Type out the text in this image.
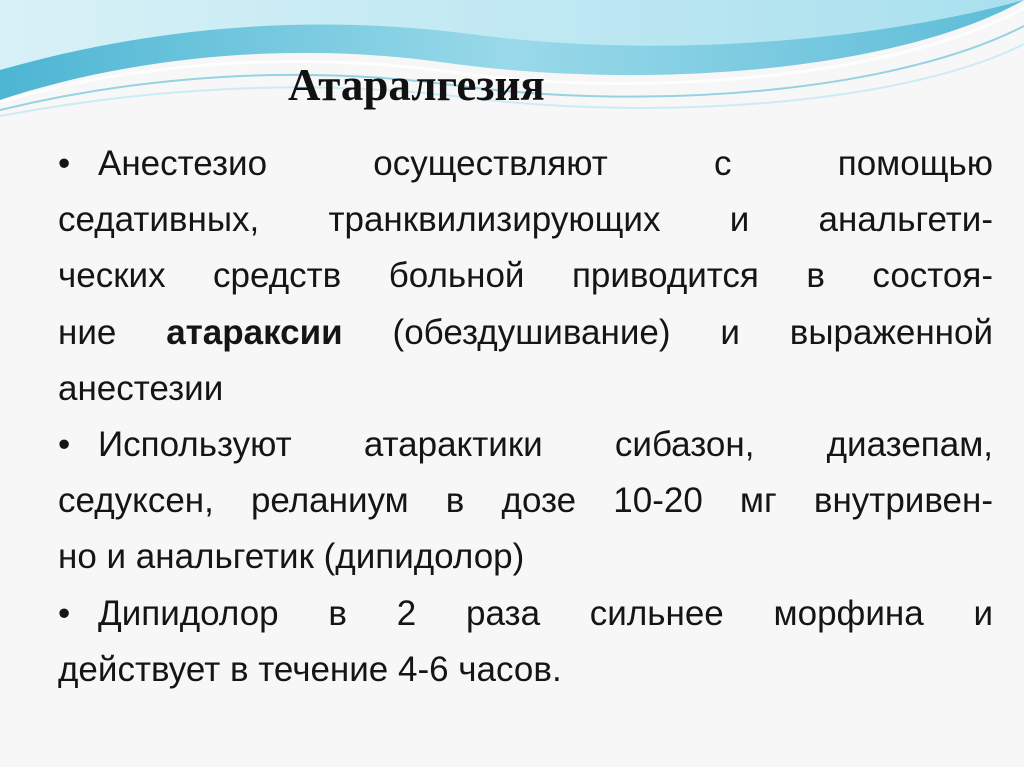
Атаралгезия
• Анестезио осуществляют с помощью
седативных, транквилизирующих и анальгети-
ческих средств больной приводится в состоя-
ние атараксии (обездушивание) и выраженной
анестезии
• Используют атарактики сибазон, диазепам,
седуксен, реланиум в дозе 10-20 мг внутривен-
но и анальгетик (дипидолор)
• Дипидолор в 2 раза сильнее морфина и
действует в течение 4-6 часов.
